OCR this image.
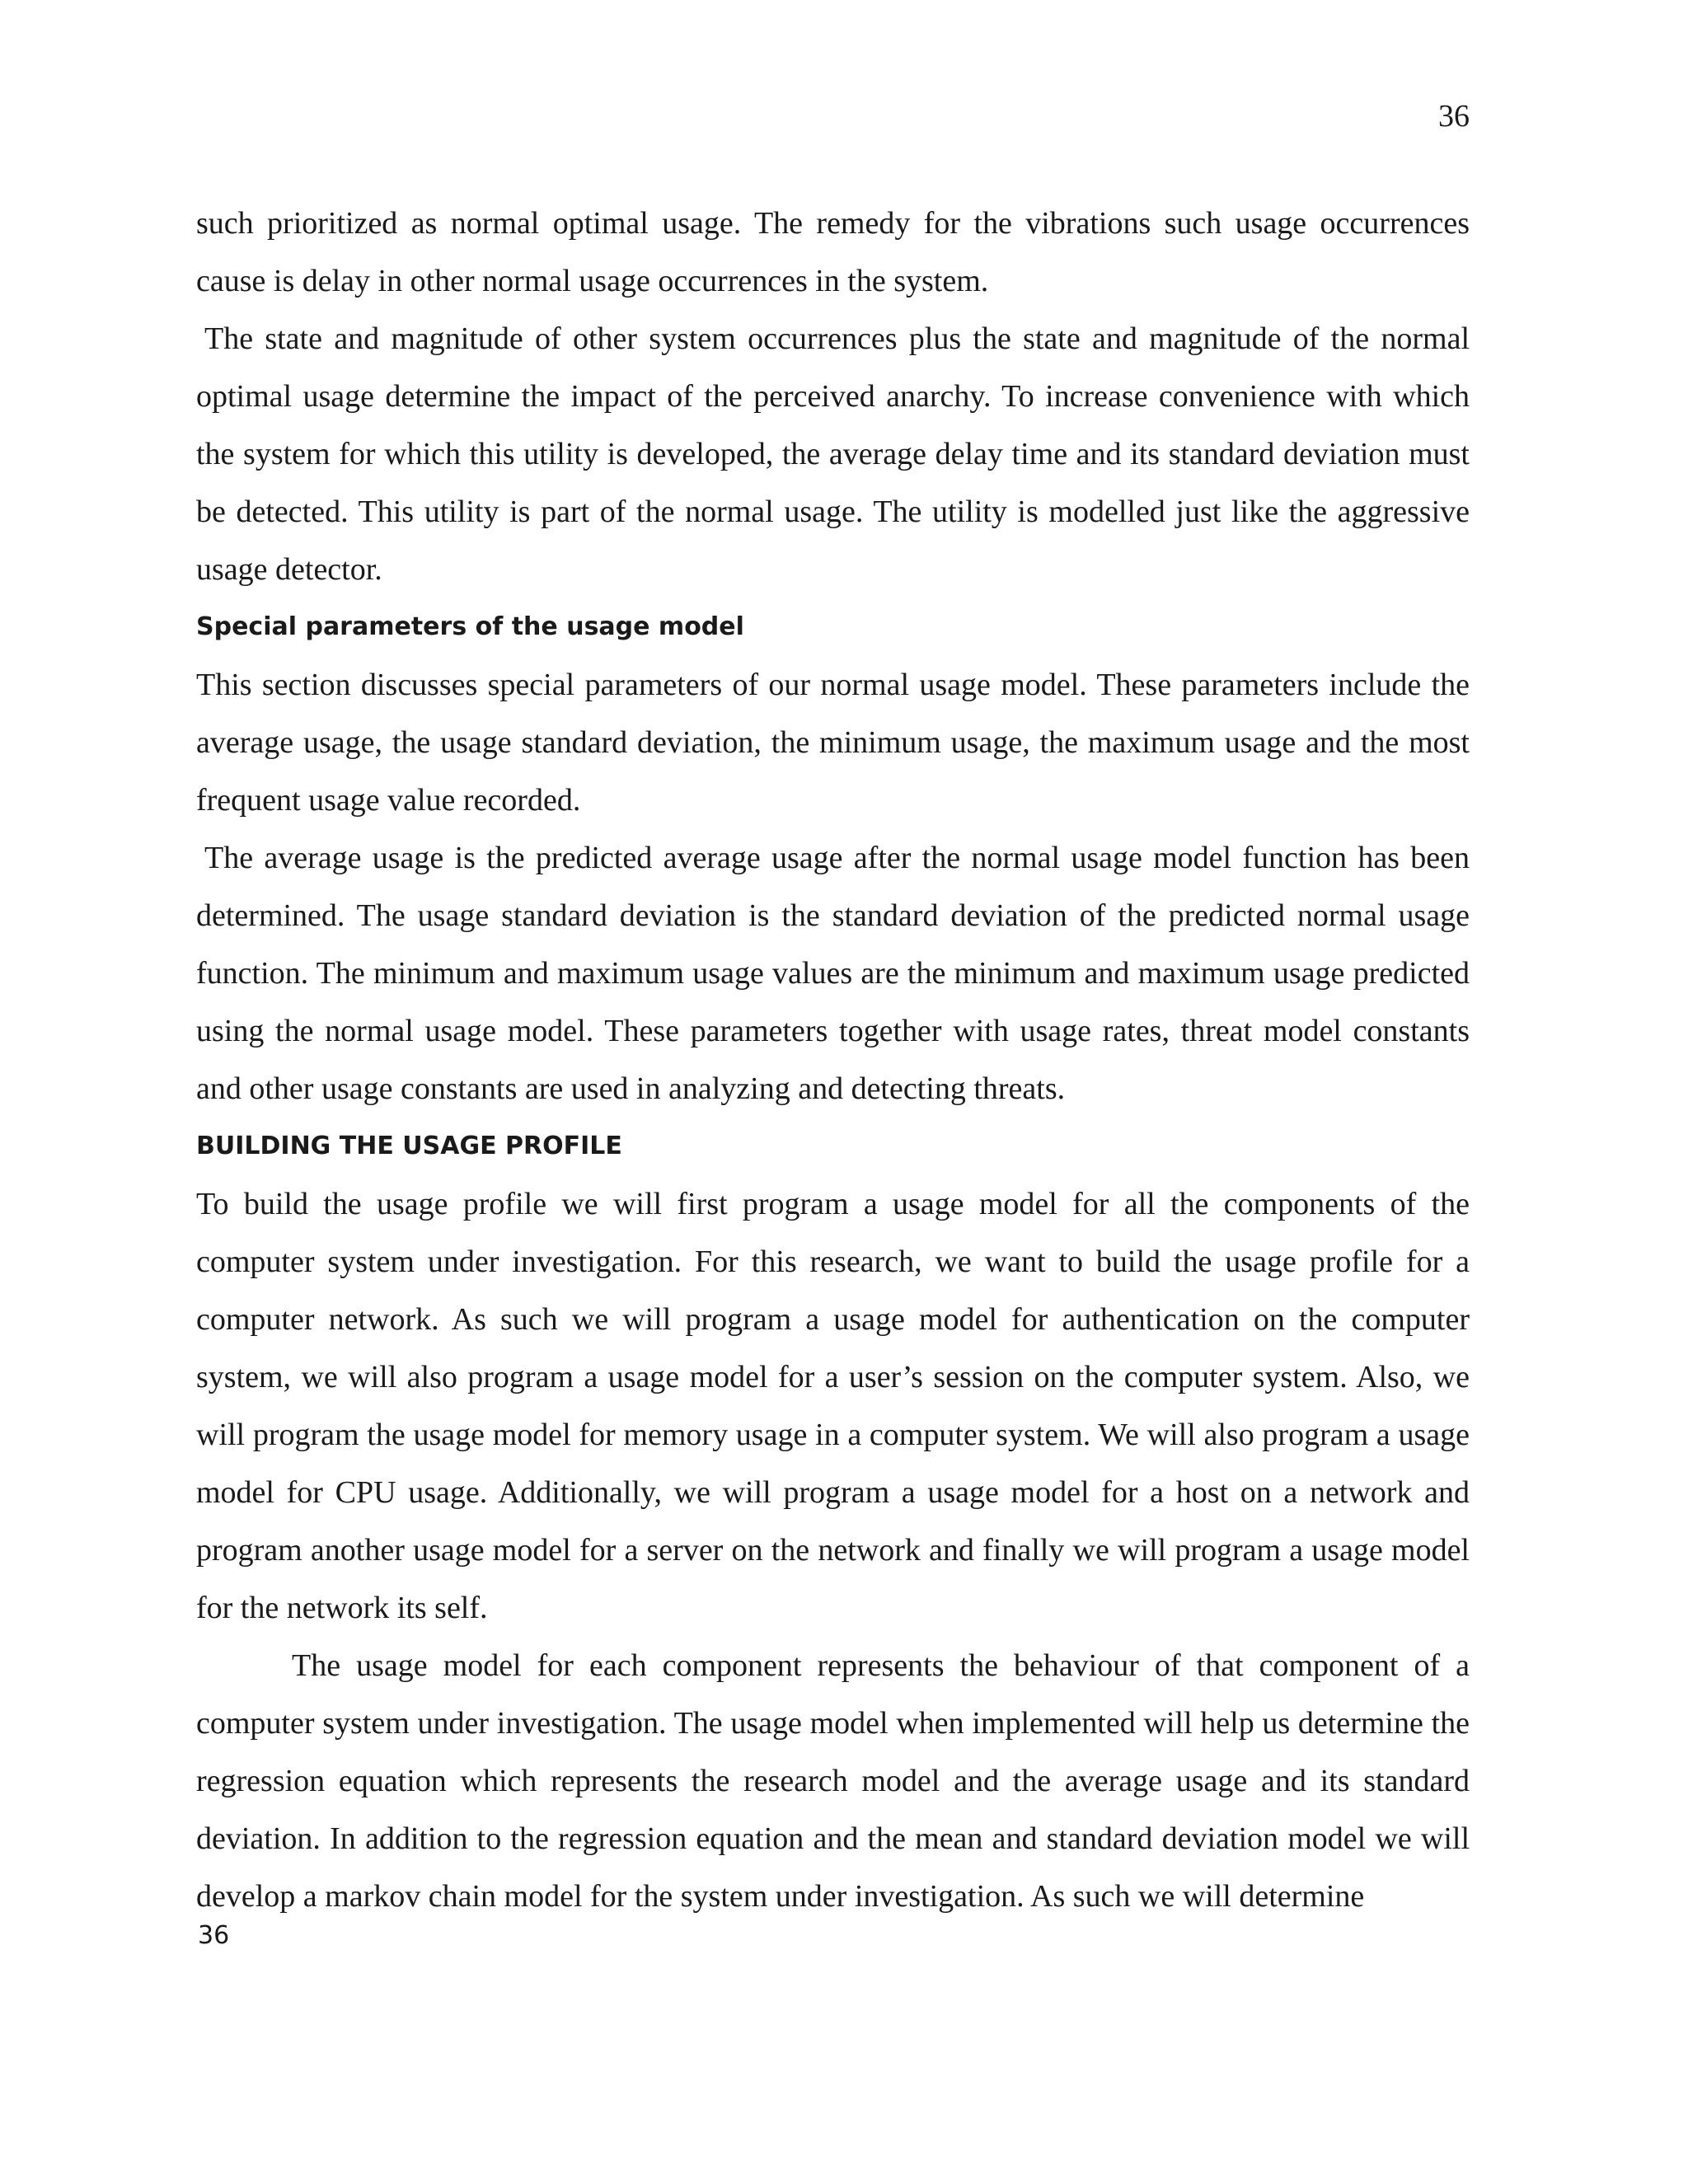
36

such prioritized as normal optimal usage. The remedy for the vibrations such usage occurrences cause is delay in other normal usage occurrences in the system.

The state and magnitude of other system occurrences plus the state and magnitude of the normal optimal usage determine the impact of the perceived anarchy. To increase convenience with which the system for which this utility is developed, the average delay time and its standard deviation must be detected. This utility is part of the normal usage. The utility is modelled just like the aggressive usage detector.

Special parameters of the usage model

This section discusses special parameters of our normal usage model. These parameters include the average usage, the usage standard deviation, the minimum usage, the maximum usage and the most frequent usage value recorded.

The average usage is the predicted average usage after the normal usage model function has been determined. The usage standard deviation is the standard deviation of the predicted normal usage function. The minimum and maximum usage values are the minimum and maximum usage predicted using the normal usage model. These parameters together with usage rates, threat model constants and other usage constants are used in analyzing and detecting threats.

BUILDING THE USAGE PROFILE

To build the usage profile we will first program a usage model for all the components of the computer system under investigation. For this research, we want to build the usage profile for a computer network. As such we will program a usage model for authentication on the computer system, we will also program a usage model for a user’s session on the computer system. Also, we will program the usage model for memory usage in a computer system. We will also program a usage model for CPU usage. Additionally, we will program a usage model for a host on a network and program another usage model for a server on the network and finally we will program a usage model for the network its self.

The usage model for each component represents the behaviour of that component of a computer system under investigation. The usage model when implemented will help us determine the regression equation which represents the research model and the average usage and its standard deviation. In addition to the regression equation and the mean and standard deviation model we will develop a markov chain model for the system under investigation. As such we will determine

36
